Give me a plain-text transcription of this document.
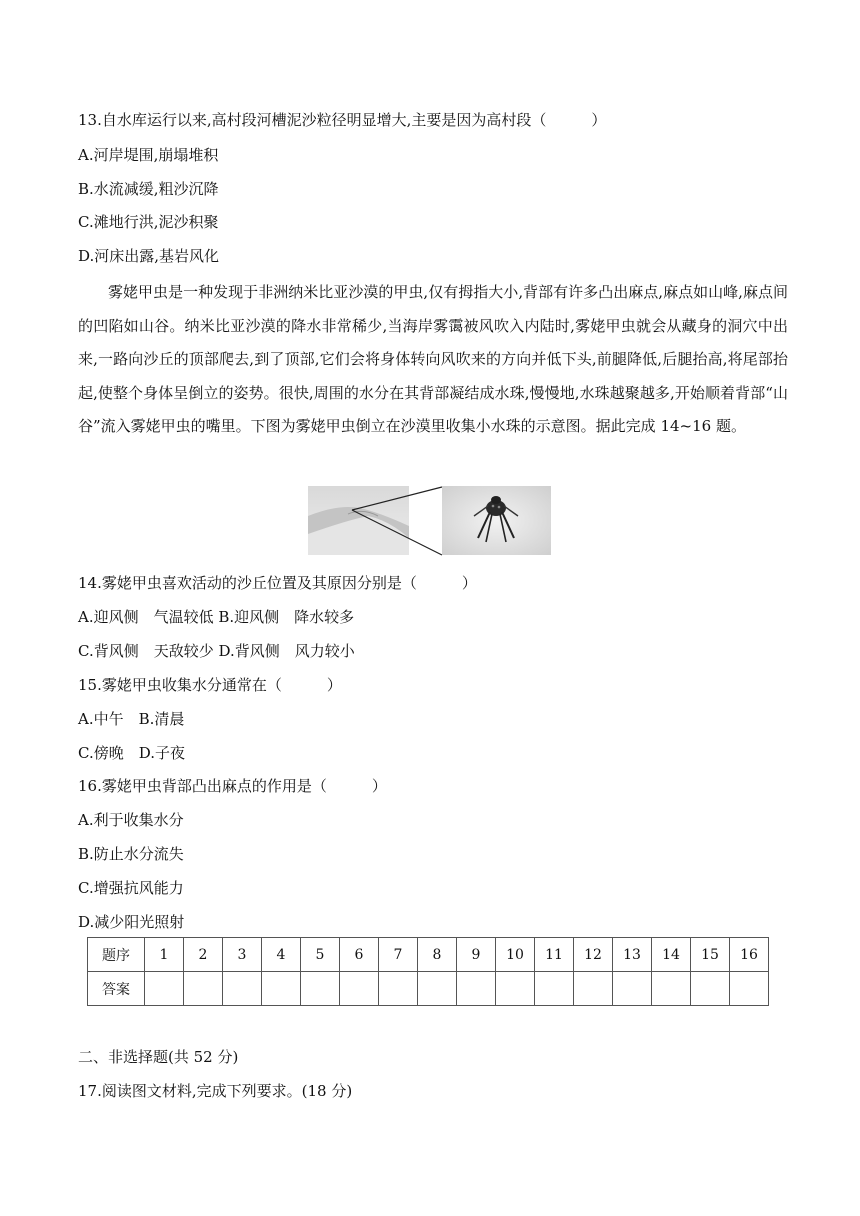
13.自水库运行以来,高村段河槽泥沙粒径明显增大,主要是因为高村段（　　　）
A.河岸堤围,崩塌堆积
B.水流减缓,粗沙沉降
C.滩地行洪,泥沙积聚
D.河床出露,基岩风化
雾姥甲虫是一种发现于非洲纳米比亚沙漠的甲虫,仅有拇指大小,背部有许多凸出麻点,麻点如山峰,麻点间的凹陷如山谷。纳米比亚沙漠的降水非常稀少,当海岸雾霭被风吹入内陆时,雾姥甲虫就会从藏身的洞穴中出来,一路向沙丘的顶部爬去,到了顶部,它们会将身体转向风吹来的方向并低下头,前腿降低,后腿抬高,将尾部抬起,使整个身体呈倒立的姿势。很快,周围的水分在其背部凝结成水珠,慢慢地,水珠越聚越多,开始顺着背部“山谷”流入雾姥甲虫的嘴里。下图为雾姥甲虫倒立在沙漠里收集小水珠的示意图。据此完成 14~16 题。
14.雾姥甲虫喜欢活动的沙丘位置及其原因分别是（　　　）
A.迎风侧　气温较低 B.迎风侧　降水较多
C.背风侧　天敌较少 D.背风侧　风力较小
15.雾姥甲虫收集水分通常在（　　　）
A.中午　B.清晨
C.傍晚　D.子夜
16.雾姥甲虫背部凸出麻点的作用是（　　　）
A.利于收集水分
B.防止水分流失
C.增强抗风能力
D.减少阳光照射
题序	1	2	3	4	5	6	7	8	9	10	11	12	13	14	15	16
答案																
二、非选择题(共 52 分)
17.阅读图文材料,完成下列要求。(18 分)
